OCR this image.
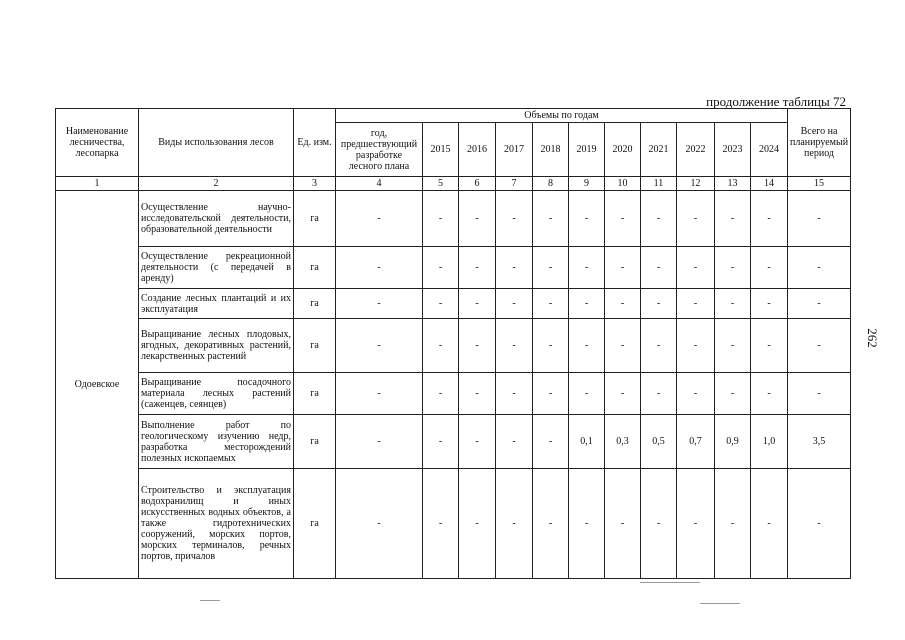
продолжение таблицы 72
262
Наименование лесничества, лесопарка	Виды использования лесов	Ед. изм.	Объемы по годам											Всего на планируемый период
			год, предшествующий разработке лесного плана	2015	2016	2017	2018	2019	2020	2021	2022	2023	2024	
1	2	3	4	5	6	7	8	9	10	11	12	13	14	15
Одоевское	Осуществление научно-исследовательской деятельности, образовательной деятельности	га	-	-	-	-	-	-	-	-	-	-	-	-
	Осуществление рекреационной деятельности (с передачей в аренду)	га	-	-	-	-	-	-	-	-	-	-	-	-
	Создание лесных плантаций и их эксплуатация	га	-	-	-	-	-	-	-	-	-	-	-	-
	Выращивание лесных плодовых, ягодных, декоративных растений, лекарственных растений	га	-	-	-	-	-	-	-	-	-	-	-	-
	Выращивание посадочного материала лесных растений (саженцев, сеянцев)	га	-	-	-	-	-	-	-	-	-	-	-	-
	Выполнение работ по геологическому изучению недр, разработка месторождений полезных ископаемых	га	-	-	-	-	-	0,1	0,3	0,5	0,7	0,9	1,0	3,5
	Строительство и эксплуатация водохранилищ и иных искусственных водных объектов, а также гидротехнических сооружений, морских портов, морских терминалов, речных портов, причалов	га	-	-	-	-	-	-	-	-	-	-	-	-
